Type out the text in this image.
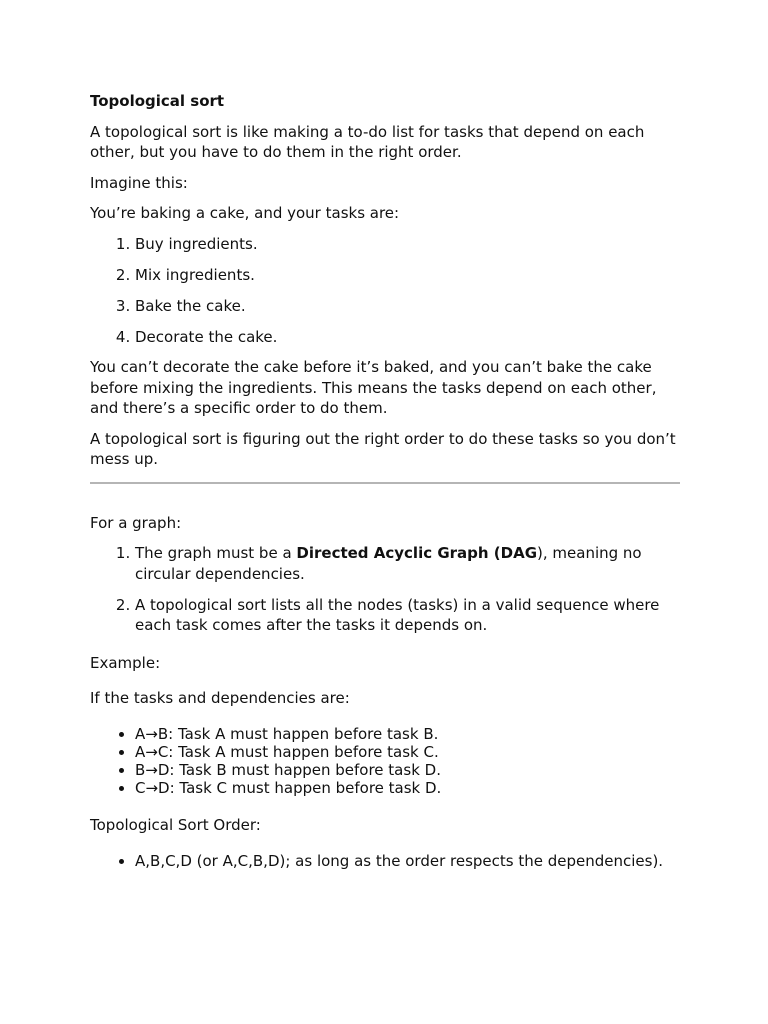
Topological sort

A topological sort is like making a to-do list for tasks that depend on each other, but you have to do them in the right order.

Imagine this:

You’re baking a cake, and your tasks are:

1. Buy ingredients.
2. Mix ingredients.
3. Bake the cake.
4. Decorate the cake.

You can’t decorate the cake before it’s baked, and you can’t bake the cake before mixing the ingredients. This means the tasks depend on each other, and there’s a specific order to do them.

A topological sort is figuring out the right order to do these tasks so you don’t mess up.

For a graph:

1. The graph must be a Directed Acyclic Graph (DAG), meaning no circular dependencies.
2. A topological sort lists all the nodes (tasks) in a valid sequence where each task comes after the tasks it depends on.

Example:

If the tasks and dependencies are:

• A→B: Task A must happen before task B.
• A→C: Task A must happen before task C.
• B→D: Task B must happen before task D.
• C→D: Task C must happen before task D.

Topological Sort Order:

• A,B,C,D (or A,C,B,D); as long as the order respects the dependencies).
